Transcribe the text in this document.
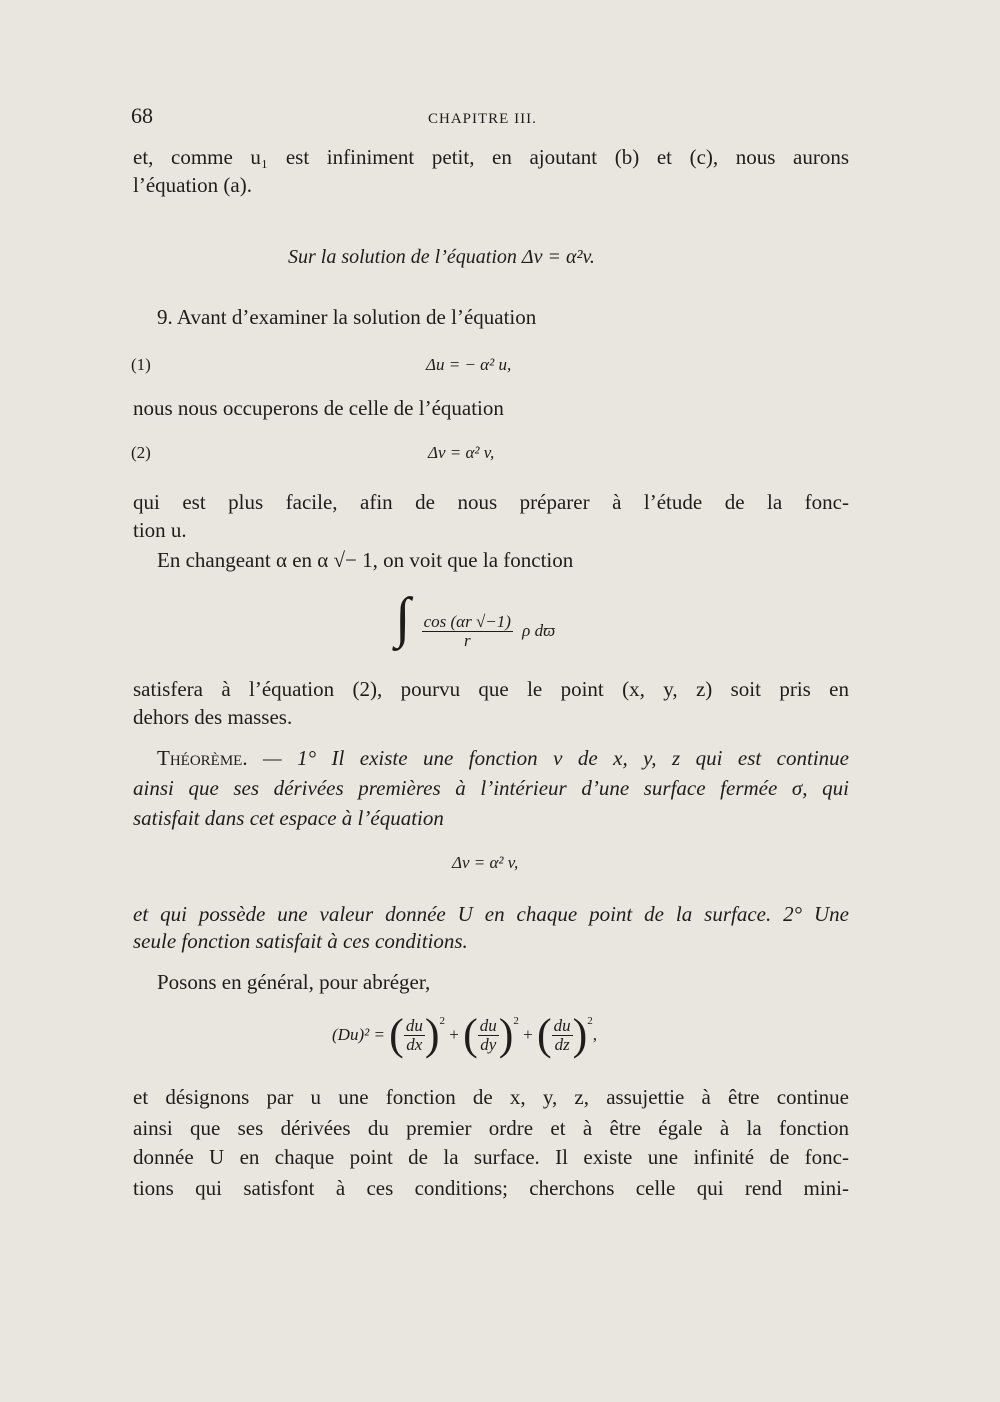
68	CHAPITRE III.
et, comme u₁ est infiniment petit, en ajoutant (b) et (c), nous aurons
l’équation (a).
Sur la solution de l’équation Δv = α²v.
9. Avant d’examiner la solution de l’équation
(1)	Δu = − α² u,
nous nous occuperons de celle de l’équation
(2)	Δv = α² v,
qui est plus facile, afin de nous préparer à l’étude de la fonc-
tion u.
En changeant α en α √− 1, on voit que la fonction
∫ $\frac{\cos (\alpha r √-1)}{r}$ ρ dϖ
satisfera à l’équation (2), pourvu que le point (x, y, z) soit pris en
dehors des masses.
Théorème. — 1° Il existe une fonction v de x, y, z qui est continue
ainsi que ses dérivées premières à l’intérieur d’une surface fermée σ, qui
satisfait dans cet espace à l’équation
Δv = α² v,
et qui possède une valeur donnée U en chaque point de la surface. 2° Une
seule fonction satisfait à ces conditions.
Posons en général, pour abréger,
(Du)² = ( $\frac{du}{dx} )^2$ + ( $\frac{du}{dy} )^2$ + ( $\frac{du}{dz} )^2$,
et désignons par u une fonction de x, y, z, assujettie à être continue
ainsi que ses dérivées du premier ordre et à être égale à la fonction
donnée U en chaque point de la surface. Il existe une infinité de fonc-
tions qui satisfont à ces conditions; cherchons celle qui rend mini-
